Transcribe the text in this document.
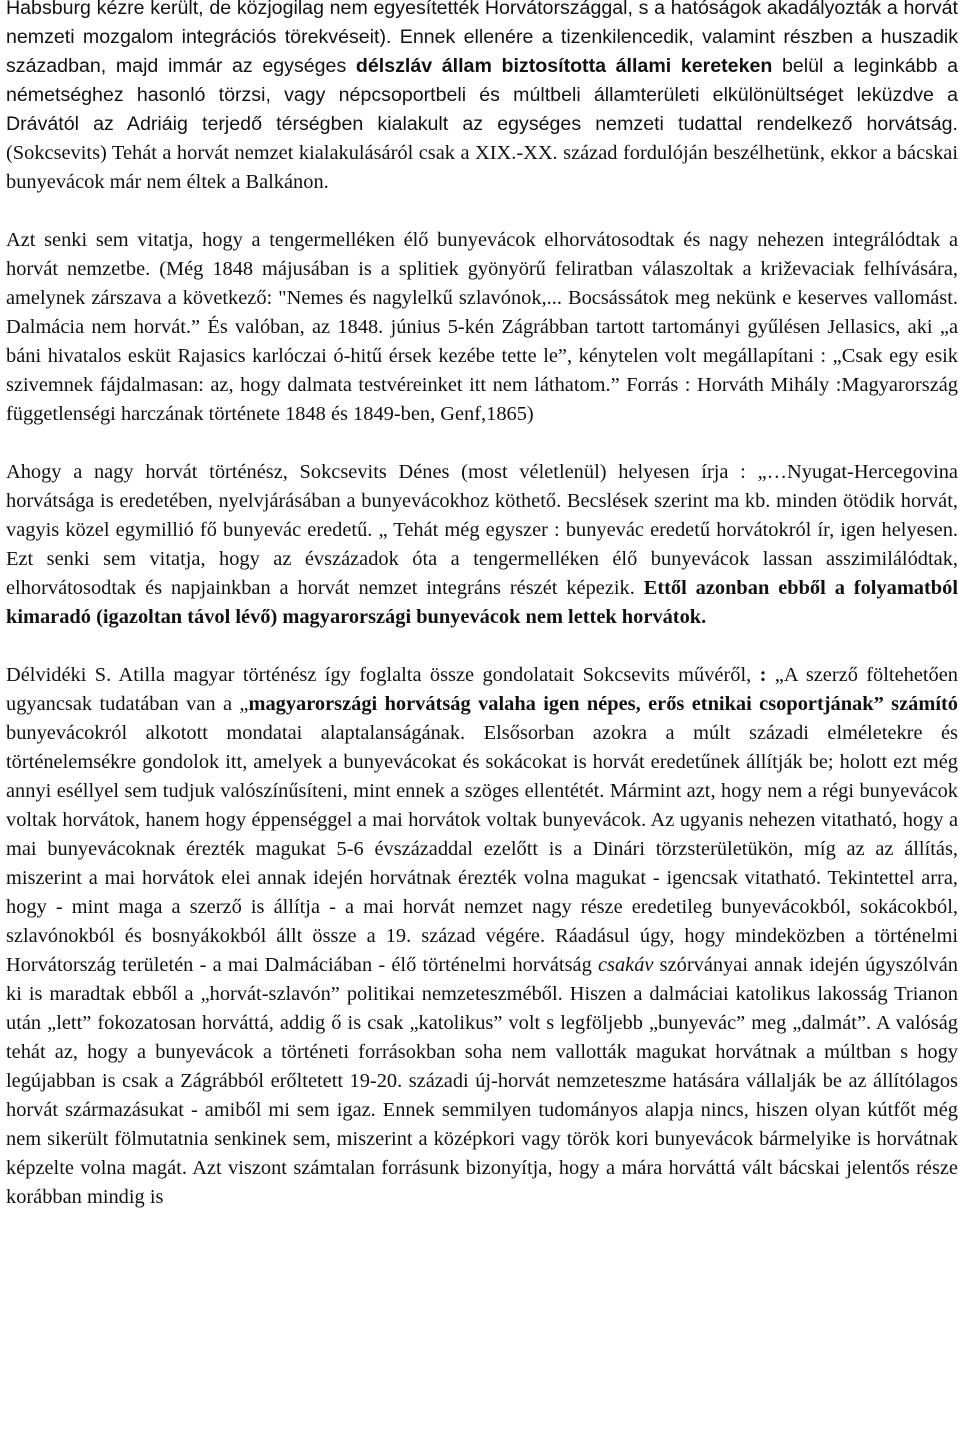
Habsburg kézre került, de közjogilag nem egyesítették Horvátországgal, s a hatóságok akadályozták a horvát nemzeti mozgalom integrációs törekvéseit). Ennek ellenére a tizenkilencedik, valamint részben a huszadik században, majd immár az egységes délszláv állam biztosította állami kereteken belül a leginkább a németséghez hasonló törzsi, vagy népcsoportbeli és múltbeli államterületi elkülönültséget leküzdve a Drávától az Adriáig terjedő térségben kialakult az egységes nemzeti tudattal rendelkező horvátság. (Sokcsevits) Tehát a horvát nemzet kialakulásáról csak a XIX.-XX. század fordulóján beszélhetünk, ekkor a bácskai bunyevácok már nem éltek a Balkánon.

Azt senki sem vitatja, hogy a tengermelléken élő bunyevácok elhorvátosodtak és nagy nehezen integrálódtak a horvát nemzetbe. (Még 1848 májusában is a splitiek gyönyörű feliratban válaszoltak a križevaciak felhívására, amelynek zárszava a következő: "Nemes és nagylelkű szlavónok,... Bocsássátok meg nekünk e keserves vallomást. Dalmácia nem horvát.” És valóban, az 1848. június 5-kén Zágrábban tartott tartományi gyűlésen Jellasics, aki „a báni hivatalos esküt Rajasics karlóczai ó-hitű érsek kezébe tette le”, kénytelen volt megállapítani : „Csak egy esik szivemnek fájdalmasan: az, hogy dalmata testvéreinket itt nem láthatom.” Forrás : Horváth Mihály :Magyarország függetlenségi harczának története 1848 és 1849-ben, Genf,1865)

Ahogy a nagy horvát történész, Sokcsevits Dénes (most véletlenül) helyesen írja : „…Nyugat-Hercegovina horvátsága is eredetében, nyelvjárásában a bunyevácokhoz köthető. Becslések szerint ma kb. minden ötödik horvát, vagyis közel egymillió fő bunyevác eredetű. „ Tehát még egyszer : bunyevác eredetű horvátokról ír, igen helyesen. Ezt senki sem vitatja, hogy az évszázadok óta a tengermelléken élő bunyevácok lassan asszimilálódtak, elhorvátosodtak és napjainkban a horvát nemzet integráns részét képezik. Ettől azonban ebből a folyamatból kimaradó (igazoltan távol lévő) magyarországi bunyevácok nem lettek horvátok.

Délvidéki S. Atilla magyar történész így foglalta össze gondolatait Sokcsevits művéről, : „A szerző föltehetően ugyancsak tudatában van a „magyarországi horvátság valaha igen népes, erős etnikai csoportjának” számító bunyevácokról alkotott mondatai alaptalanságának. Elsősorban azokra a múlt századi elméletekre és történelemsékre gondolok itt, amelyek a bunyevácokat és sokácokat is horvát eredetűnek állítják be; holott ezt még annyi eséllyel sem tudjuk valószínűsíteni, mint ennek a szöges ellentétét. Mármint azt, hogy nem a régi bunyevácok voltak horvátok, hanem hogy éppenséggel a mai horvátok voltak bunyevácok. Az ugyanis nehezen vitatható, hogy a mai bunyevácoknak érezték magukat 5-6 évszázaddal ezelőtt is a Dinári törzsterületükön, míg az az állítás, miszerint a mai horvátok elei annak idején horvátnak érezték volna magukat - igencsak vitatható. Tekintettel arra, hogy - mint maga a szerző is állítja - a mai horvát nemzet nagy része eredetileg bunyevácokból, sokácokból, szlavónokból és bosnyákokból állt össze a 19. század végére. Ráadásul úgy, hogy mindeközben a történelmi Horvátország területén - a mai Dalmáciában - élő történelmi horvátság csakáv szórványai annak idején úgyszólván ki is maradtak ebből a „horvát-szlavón” politikai nemzeteszméből. Hiszen a dalmáciai katolikus lakosság Trianon után „lett” fokozatosan horváttá, addig ő is csak „katolikus” volt s legföljebb „bunyevác” meg „dalmát”. A valóság tehát az, hogy a bunyevácok a történeti forrásokban soha nem vallották magukat horvátnak a múltban s hogy legújabban is csak a Zágrábból erőltetett 19-20. századi új-horvát nemzeteszme hatására vállalják be az állítólagos horvát származásukat - amiből mi sem igaz. Ennek semmilyen tudományos alapja nincs, hiszen olyan kútfőt még nem sikerült fölmutatnia senkinek sem, miszerint a középkori vagy török kori bunyevácok bármelyike is horvátnak képzelte volna magát. Azt viszont számtalan forrásunk bizonyítja, hogy a mára horváttá vált bácskai jelentős része korábban mindig is
